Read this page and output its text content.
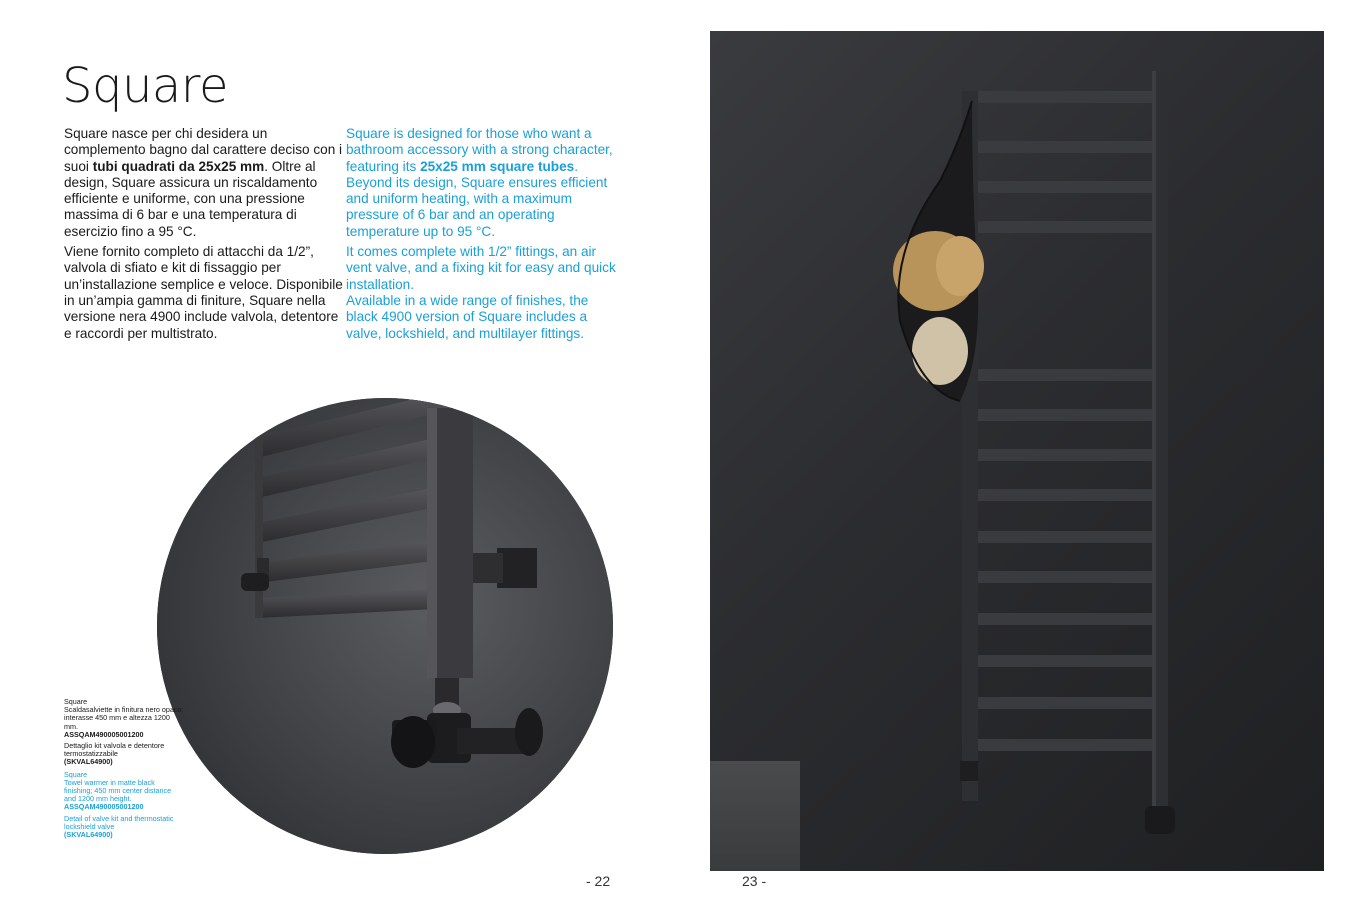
Square

Square nasce per chi desidera un complemento bagno dal carattere deciso con i suoi tubi quadrati da 25x25 mm. Oltre al design, Square assicura un riscaldamento efficiente e uniforme, con una pressione massima di 6 bar e una temperatura di esercizio fino a 95 °C.

Viene fornito completo di attacchi da 1/2”, valvola di sfiato e kit di fissaggio per un’installazione semplice e veloce. Disponibile in un’ampia gamma di finiture, Square nella versione nera 4900 include valvola, detentore e raccordi per multistrato.

Square is designed for those who want a bathroom accessory with a strong character, featuring its 25x25 mm square tubes. Beyond its design, Square ensures efficient and uniform heating, with a maximum pressure of 6 bar and an operating temperature up to 95 °C.

It comes complete with 1/2” fittings, an air vent valve, and a fixing kit for easy and quick installation.

Available in a wide range of finishes, the black 4900 version of Square includes a valve, lockshield, and multilayer fittings.

Square
Scaldasalviette in finitura nero opaco; interasse 450 mm e altezza 1200 mm.
ASSQAM490005001200

Dettaglio kit valvola e detentore termostatizzabile
(SKVAL64900)

Square
Towel warmer in matte black finishing; 450 mm center distance and 1200 mm height.
ASSQAM490005001200

Detail of valve kit and thermostatic lockshield valve
(SKVAL64900)

- 22	23 -
